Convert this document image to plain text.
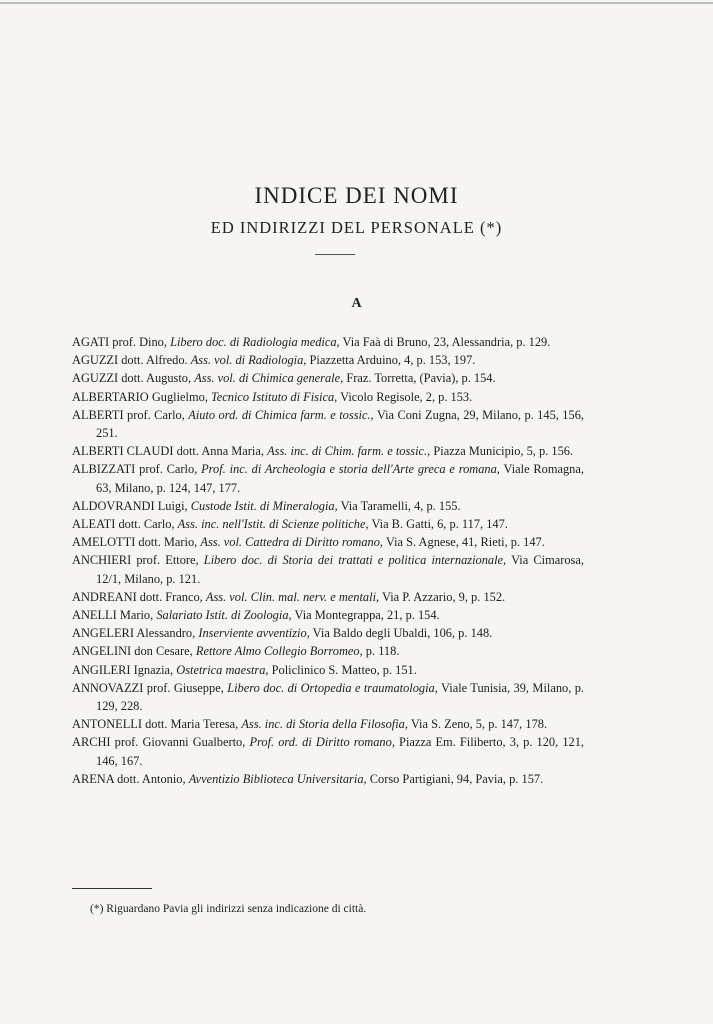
INDICE DEI NOMI
ED INDIRIZZI DEL PERSONALE (*)
A

AGATI prof. Dino, Libero doc. di Radiologia medica, Via Faà di Bruno, 23, Alessandria, p. 129.

AGUZZI dott. Alfredo. Ass. vol. di Radiologia, Piazzetta Arduino, 4, p. 153, 197.

AGUZZI dott. Augusto, Ass. vol. di Chimica generale, Fraz. Torretta, (Pavia), p. 154.

ALBERTARIO Guglielmo, Tecnico Istituto di Fisica, Vicolo Regisole, 2, p. 153.

ALBERTI prof. Carlo, Aiuto ord. di Chimica farm. e tossic., Via Coni Zugna, 29, Milano, p. 145, 156, 251.

ALBERTI CLAUDI dott. Anna Maria, Ass. inc. di Chim. farm. e tossic., Piazza Municipio, 5, p. 156.

ALBIZZATI prof. Carlo, Prof. inc. di Archeologia e storia dell'Arte greca e romana, Viale Romagna, 63, Milano, p. 124, 147, 177.

ALDOVRANDI Luigi, Custode Istit. di Mineralogia, Via Taramelli, 4, p. 155.

ALEATI dott. Carlo, Ass. inc. nell'Istit. di Scienze politiche, Via B. Gatti, 6, p. 117, 147.

AMELOTTI dott. Mario, Ass. vol. Cattedra di Diritto romano, Via S. Agnese, 41, Rieti, p. 147.

ANCHIERI prof. Ettore, Libero doc. di Storia dei trattati e politica internazionale, Via Cimarosa, 12/1, Milano, p. 121.

ANDREANI dott. Franco, Ass. vol. Clin. mal. nerv. e mentali, Via P. Azzario, 9, p. 152.

ANELLI Mario, Salariato Istit. di Zoologia, Via Montegrappa, 21, p. 154.

ANGELERI Alessandro, Inserviente avventizio, Via Baldo degli Ubaldi, 106, p. 148.

ANGELINI don Cesare, Rettore Almo Collegio Borromeo, p. 118.

ANGILERI Ignazia, Ostetrica maestra, Policlinico S. Matteo, p. 151.

ANNOVAZZI prof. Giuseppe, Libero doc. di Ortopedia e traumatologia, Viale Tunisia, 39, Milano, p. 129, 228.

ANTONELLI dott. Maria Teresa, Ass. inc. di Storia della Filosofia, Via S. Zeno, 5, p. 147, 178.

ARCHI prof. Giovanni Gualberto, Prof. ord. di Diritto romano, Piazza Em. Filiberto, 3, p. 120, 121, 146, 167.

ARENA dott. Antonio, Avventizio Biblioteca Universitaria, Corso Partigiani, 94, Pavia, p. 157.

(*) Riguardano Pavia gli indirizzi senza indicazione di città.
